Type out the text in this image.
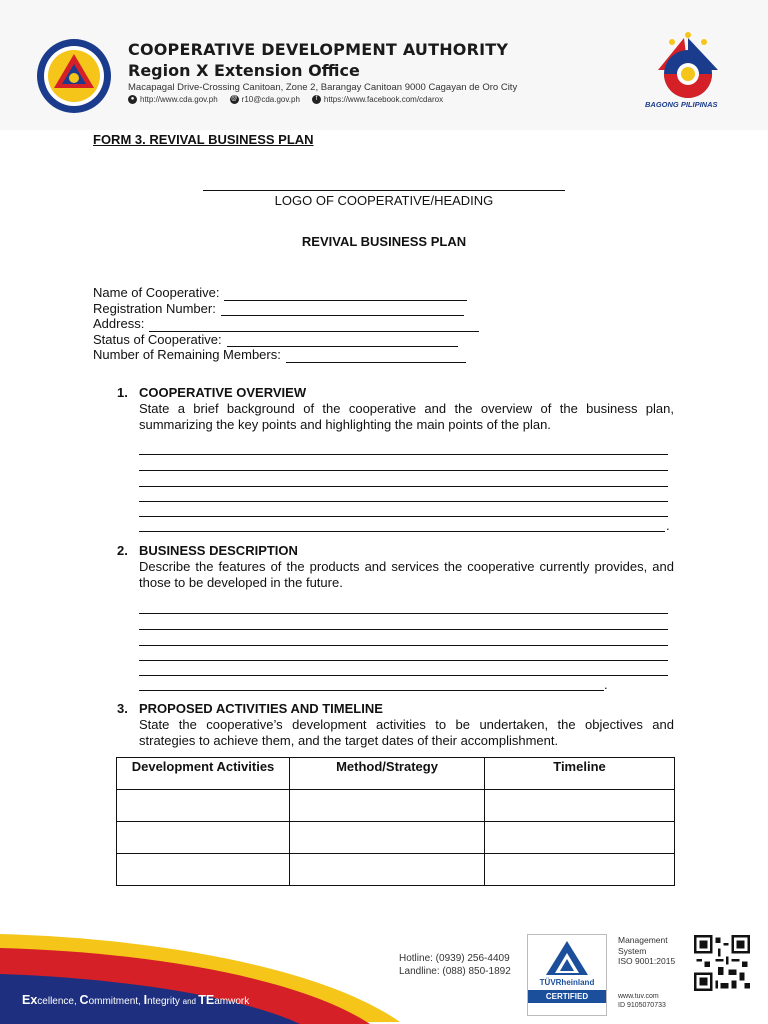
COOPERATIVE DEVELOPMENT AUTHORITY
Region X Extension Office
Macapagal Drive-Crossing Canitoan, Zone 2, Barangay Canitoan 9000 Cagayan de Oro City
● http://www.cda.gov.ph @ r10@cda.gov.ph	f https://www.facebook.com/cdarox
BAGONG PILIPINAS
FORM 3. REVIVAL BUSINESS PLAN
LOGO OF COOPERATIVE/HEADING
REVIVAL BUSINESS PLAN
Name of Cooperative:
Registration Number:
Address:
Status of Cooperative:
Number of Remaining Members:
1. COOPERATIVE OVERVIEW
State a brief background of the cooperative and the overview of the business plan, summarizing the key points and highlighting the main points of the plan.
.
2. BUSINESS DESCRIPTION
Describe the features of the products and services the cooperative currently provides, and those to be developed in the future.
.
3. PROPOSED ACTIVITIES AND TIMELINE
State the cooperative’s development activities to be undertaken, the objectives and strategies to achieve them, and the target dates of their accomplishment.
Development Activities	Method/Strategy	Timeline

Excellence, Commitment, Integrity and TEamwork
Hotline: (0939) 256-4409
Landline: (088) 850-1892
TÜVRheinland
CERTIFIED
Management
System
ISO 9001:2015
www.tuv.com
ID 9105070733
